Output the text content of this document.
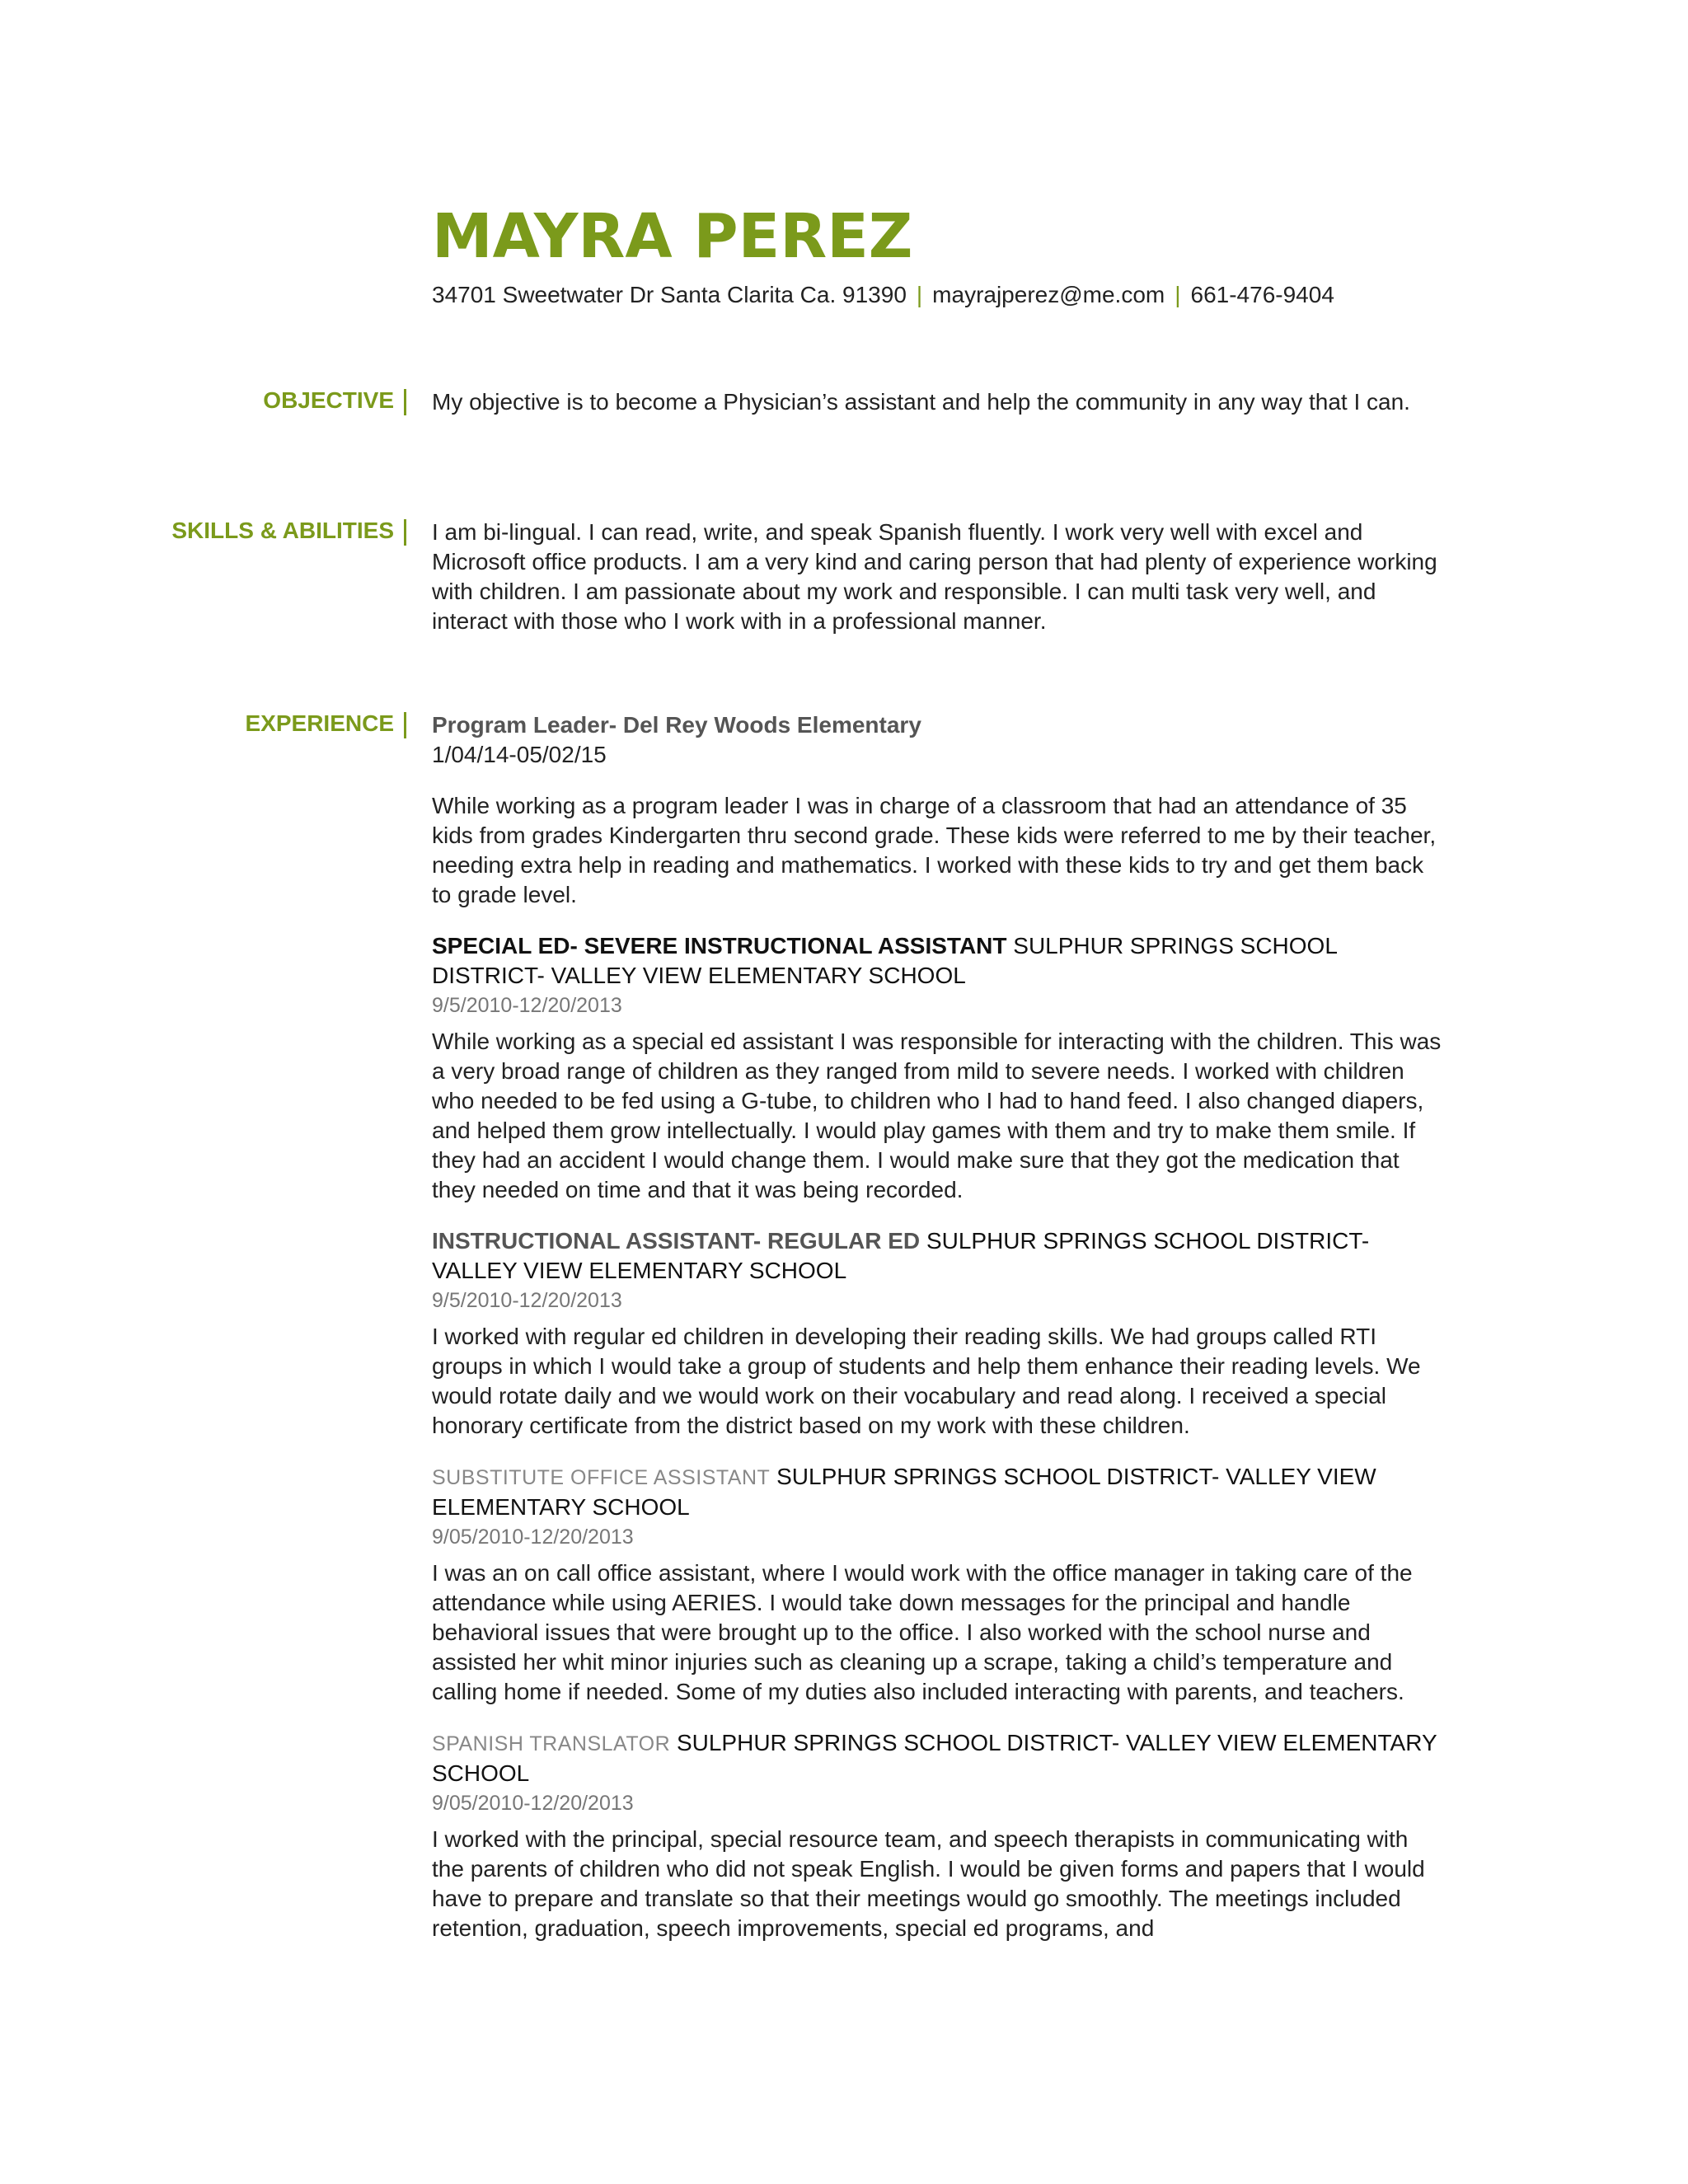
MAYRA PEREZ
34701 Sweetwater Dr Santa Clarita Ca. 91390 | mayrajperez@me.com | 661-476-9404
OBJECTIVE My objective is to become a Physician’s assistant and help the community in any way that I can.
SKILLS & ABILITIES I am bi-lingual. I can read, write, and speak Spanish fluently. I work very well with excel and Microsoft office products. I am a very kind and caring person that had plenty of experience working with children. I am passionate about my work and responsible. I can multi task very well, and interact with those who I work with in a professional manner.
EXPERIENCE Program Leader- Del Rey Woods Elementary
1/04/14-05/02/15
While working as a program leader I was in charge of a classroom that had an attendance of 35 kids from grades Kindergarten thru second grade. These kids were referred to me by their teacher, needing extra help in reading and mathematics. I worked with these kids to try and get them back to grade level.
SPECIAL ED- SEVERE INSTRUCTIONAL ASSISTANT SULPHUR SPRINGS SCHOOL DISTRICT- VALLEY VIEW ELEMENTARY SCHOOL
9/5/2010-12/20/2013
While working as a special ed assistant I was responsible for interacting with the children. This was a very broad range of children as they ranged from mild to severe needs. I worked with children who needed to be fed using a G-tube, to children who I had to hand feed. I also changed diapers, and helped them grow intellectually. I would play games with them and try to make them smile. If they had an accident I would change them. I would make sure that they got the medication that they needed on time and that it was being recorded.
INSTRUCTIONAL ASSISTANT- REGULAR ED SULPHUR SPRINGS SCHOOL DISTRICT- VALLEY VIEW ELEMENTARY SCHOOL
9/5/2010-12/20/2013
I worked with regular ed children in developing their reading skills. We had groups called RTI groups in which I would take a group of students and help them enhance their reading levels. We would rotate daily and we would work on their vocabulary and read along. I received a special honorary certificate from the district based on my work with these children.
SUBSTITUTE OFFICE ASSISTANT SULPHUR SPRINGS SCHOOL DISTRICT- VALLEY VIEW ELEMENTARY SCHOOL
9/05/2010-12/20/2013
I was an on call office assistant, where I would work with the office manager in taking care of the attendance while using AERIES. I would take down messages for the principal and handle behavioral issues that were brought up to the office. I also worked with the school nurse and assisted her whit minor injuries such as cleaning up a scrape, taking a child’s temperature and calling home if needed. Some of my duties also included interacting with parents, and teachers.
SPANISH TRANSLATOR SULPHUR SPRINGS SCHOOL DISTRICT- VALLEY VIEW ELEMENTARY SCHOOL
9/05/2010-12/20/2013
I worked with the principal, special resource team, and speech therapists in communicating with the parents of children who did not speak English. I would be given forms and papers that I would have to prepare and translate so that their meetings would go smoothly. The meetings included retention, graduation, speech improvements, special ed programs, and
